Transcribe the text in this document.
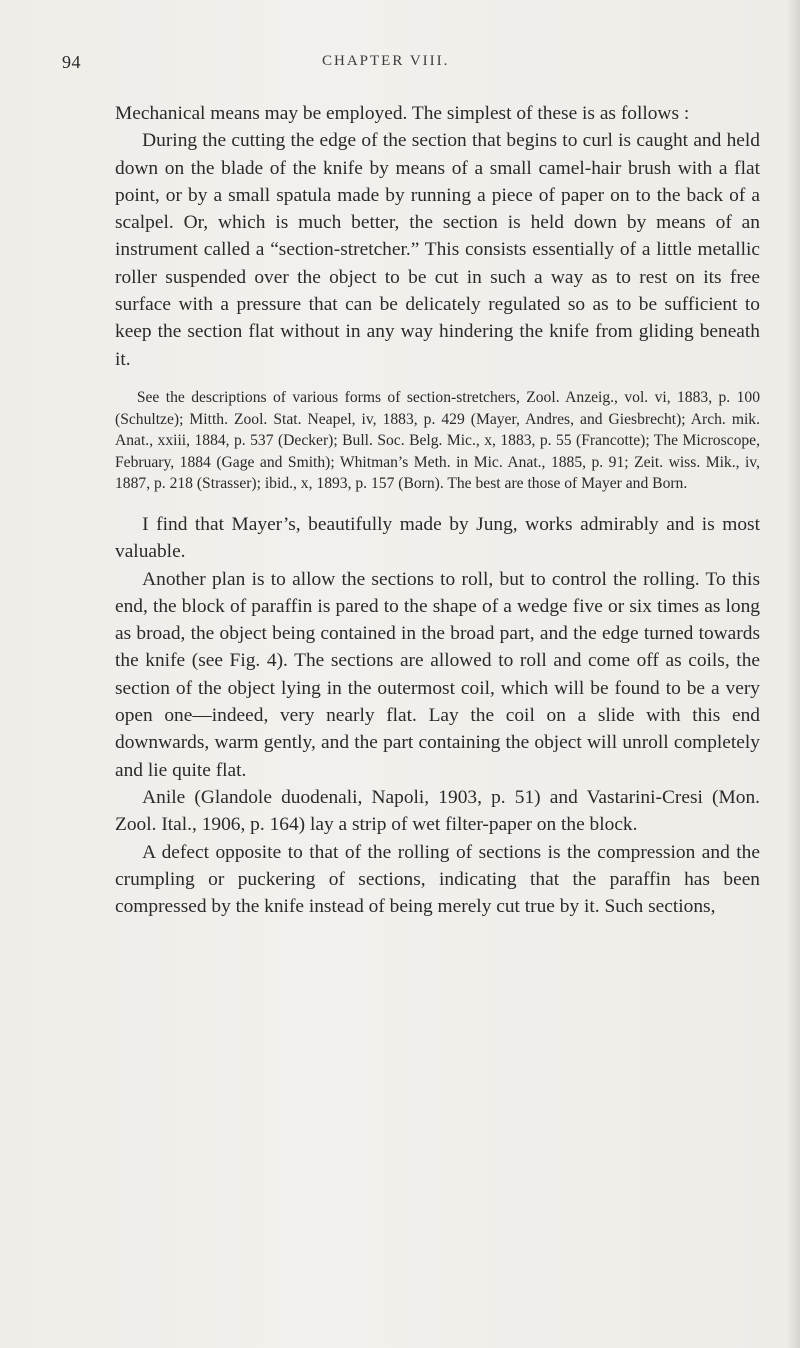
94	CHAPTER VIII.

Mechanical means may be employed. The simplest of these is as follows :

During the cutting the edge of the section that begins to curl is caught and held down on the blade of the knife by means of a small camel-hair brush with a flat point, or by a small spatula made by running a piece of paper on to the back of a scalpel. Or, which is much better, the section is held down by means of an instrument called a “section-stretcher.” This consists essentially of a little metallic roller suspended over the object to be cut in such a way as to rest on its free surface with a pressure that can be delicately regulated so as to be sufficient to keep the section flat without in any way hindering the knife from gliding beneath it.

See the descriptions of various forms of section-stretchers, Zool. Anzeig., vol. vi, 1883, p. 100 (Schultze); Mitth. Zool. Stat. Neapel, iv, 1883, p. 429 (Mayer, Andres, and Giesbrecht); Arch. mik. Anat., xxiii, 1884, p. 537 (Decker); Bull. Soc. Belg. Mic., x, 1883, p. 55 (Francotte); The Microscope, February, 1884 (Gage and Smith); Whitman’s Meth. in Mic. Anat., 1885, p. 91; Zeit. wiss. Mik., iv, 1887, p. 218 (Strasser); ibid., x, 1893, p. 157 (Born). The best are those of Mayer and Born.

I find that Mayer’s, beautifully made by Jung, works admirably and is most valuable.

Another plan is to allow the sections to roll, but to control the rolling. To this end, the block of paraffin is pared to the shape of a wedge five or six times as long as broad, the object being contained in the broad part, and the edge turned towards the knife (see Fig. 4). The sections are allowed to roll and come off as coils, the section of the object lying in the outermost coil, which will be found to be a very open one—indeed, very nearly flat. Lay the coil on a slide with this end downwards, warm gently, and the part containing the object will unroll completely and lie quite flat.

Anile (Glandole duodenali, Napoli, 1903, p. 51) and Vastarini-Cresi (Mon. Zool. Ital., 1906, p. 164) lay a strip of wet filter-paper on the block.

A defect opposite to that of the rolling of sections is the compression and the crumpling or puckering of sections, indicating that the paraffin has been compressed by the knife instead of being merely cut true by it. Such sections,
